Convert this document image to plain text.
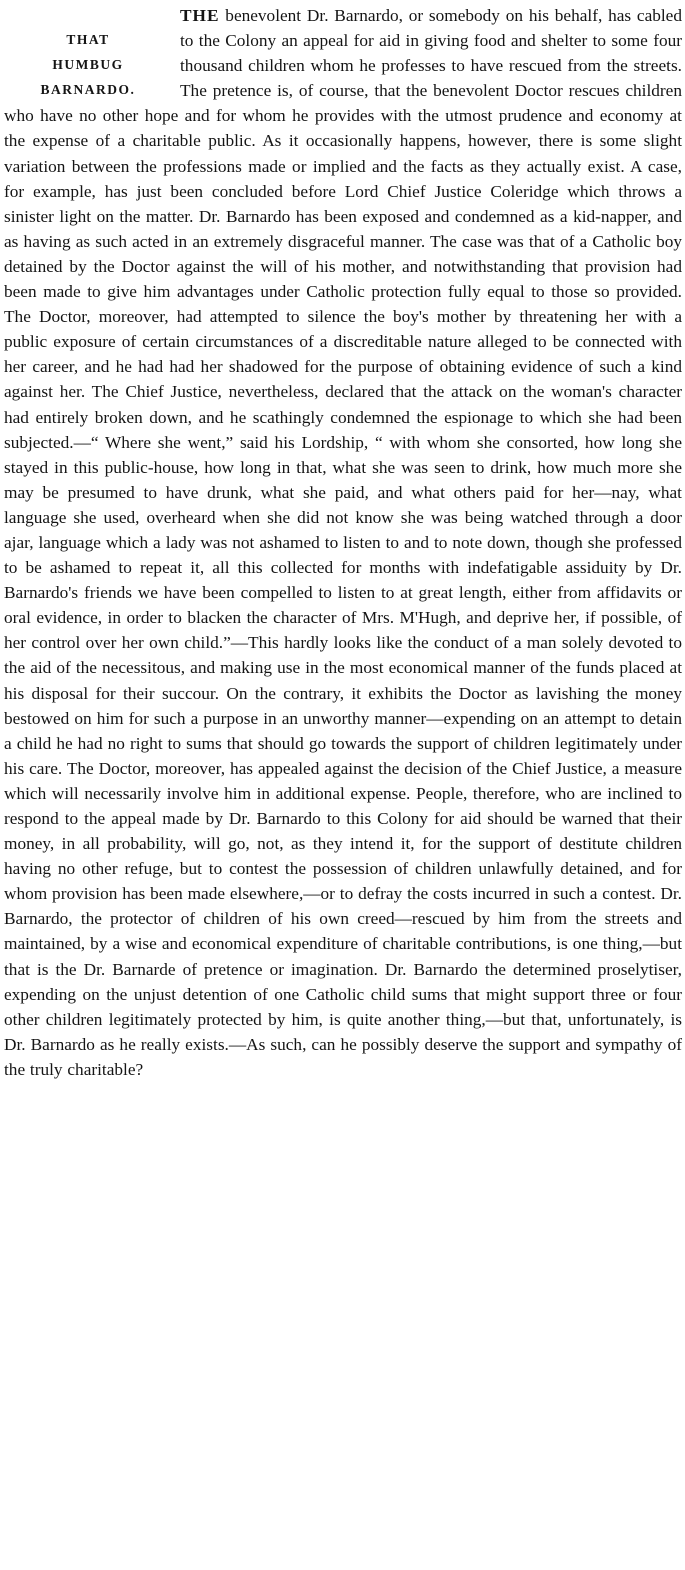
THAT
HUMBUG
BARNARDO.

THE benevolent Dr. Barnardo, or somebody on his behalf, has cabled to the Colony an appeal for aid in giving food and shelter to some four thousand children whom he professes to have rescued from the streets. The pretence is, of course, that the benevolent Doctor rescues children who have no other hope and for whom he provides with the utmost prudence and economy at the expense of a charitable public. As it occasionally happens, however, there is some slight variation between the professions made or implied and the facts as they actually exist. A case, for example, has just been concluded before Lord Chief Justice Coleridge which throws a sinister light on the matter. Dr. Barnardo has been exposed and condemned as a kid-napper, and as having as such acted in an extremely disgraceful manner. The case was that of a Catholic boy detained by the Doctor against the will of his mother, and notwithstanding that provision had been made to give him advantages under Catholic protection fully equal to those so provided. The Doctor, moreover, had attempted to silence the boy's mother by threatening her with a public exposure of certain circumstances of a discreditable nature alleged to be connected with her career, and he had had her shadowed for the purpose of obtaining evidence of such a kind against her. The Chief Justice, nevertheless, declared that the attack on the woman's character had entirely broken down, and he scathingly condemned the espionage to which she had been subjected.—“ Where she went,” said his Lordship, “ with whom she consorted, how long she stayed in this public-house, how long in that, what she was seen to drink, how much more she may be presumed to have drunk, what she paid, and what others paid for her—nay, what language she used, overheard when she did not know she was being watched through a door ajar, language which a lady was not ashamed to listen to and to note down, though she professed to be ashamed to repeat it, all this collected for months with indefatigable assiduity by Dr. Barnardo's friends we have been compelled to listen to at great length, either from affidavits or oral evidence, in order to blacken the character of Mrs. M'Hugh, and deprive her, if possible, of her control over her own child.”—This hardly looks like the conduct of a man solely devoted to the aid of the necessitous, and making use in the most economical manner of the funds placed at his disposal for their succour. On the contrary, it exhibits the Doctor as lavishing the money bestowed on him for such a purpose in an unworthy manner—expending on an attempt to detain a child he had no right to sums that should go towards the support of children legitimately under his care. The Doctor, moreover, has appealed against the decision of the Chief Justice, a measure which will necessarily involve him in additional expense. People, therefore, who are inclined to respond to the appeal made by Dr. Barnardo to this Colony for aid should be warned that their money, in all probability, will go, not, as they intend it, for the support of destitute children having no other refuge, but to contest the possession of children unlawfully detained, and for whom provision has been made elsewhere,—or to defray the costs incurred in such a contest. Dr. Barnardo, the protector of children of his own creed—rescued by him from the streets and maintained, by a wise and economical expenditure of charitable contributions, is one thing,—but that is the Dr. Barnarde of pretence or imagination. Dr. Barnardo the determined proselytiser, expending on the unjust detention of one Catholic child sums that might support three or four other children legitimately protected by him, is quite another thing,—but that, unfortunately, is Dr. Barnardo as he really exists.—As such, can he possibly deserve the support and sympathy of the truly charitable?
